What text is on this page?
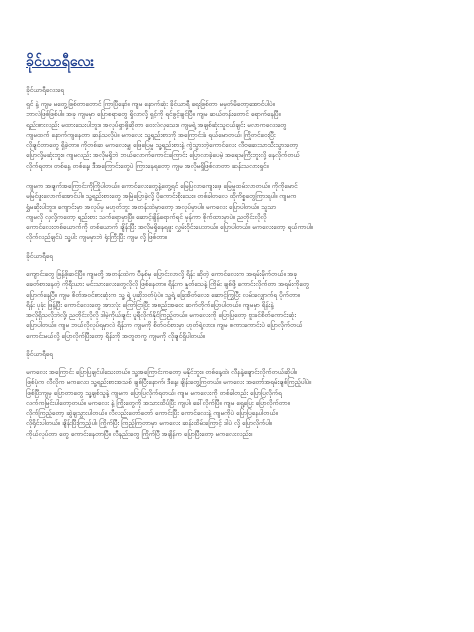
ခိုင်ယာရီလေး
ခိုင်ယာရီလေးရေ
ရှင် နဲ့ ကျမ မတွေ့ဖြစ်တာတောင် ကြာပြီနော်။ ကျမ နောက်ဆုံး ခိုင်ယာရီ ရေးဖြစ်တာ မမှတ်မိတော့အောင်ပါပဲ။
ဘာလဲဖြစ်ဖြစ်ပါ။ အခု ကျမမှာ ပြောစရာတွေ ရှိလာလို့ ရှင့်ကို ရင်ဖွင့်ချင်ပြီ။ ကျမ ဆယ်တန်းတောင် ရောက်နေပြီ။
ရည်းစားလည်း မထားသေးပါဘူး။ အလုပ်ရှာဖို့ဆိုတာ ဝေးလံလှသေး။ ကျမရဲ့ အချစ်ဆုံးသူငယ်ချင်း မလာကလေးတွေ
ကျမထက် နောက်ကျနေတာ ဆန်သလိုပဲ။ မကလေး သူ့ရည်းစားကို အကြောင်းခံ ရယ်မောတယ်၊ ကြိုတင်ဝေးပြီး
လိုချင်တာတွေ ရှိခဲ့တာ။ ကိုတစ်ဆ မကလေးမျှ ဖြေပြေမှု သူ့ရည်းစားနဲ့ ကွဲသွားတဲ့ကောင်လေး လီဗဆေးသာသီးသွားတော့
ပြောလို့မဆုံးဘူး။ ကျမလည်း အလိုမရှိဘဲ ဘယ်လောက်ကောင်းကြောင်း ပြောလာခဲ့ပေမဲ့ အရေးမကြီးဘူးလို့ နေလိုက်တယ်
လိုက်ရတာ၊ တစ်နေ့ တစ်နေ့၊ ဒီအကြောင်းတွေပဲ ကြားနေရတော့ ကျမ အလိုမရှိဖြစ်လာတာ ဆန်းသလားရှင်။
ကျမက အချက်အကြောင်းကိုကြိုပါတယ်။ ကောင်လေးတွေနဲ့တွေ့ရင် မြေပြလာကျေးဖေ့ မြေမှုထမ်းလာတယ်။ ကိုကိုမောင်
မမြင်ဖူးလောက်အောင်ပါ။ သူ့ရည်းစားတွေ အမြဲပြောခဲ့လို့ ပိုကောင်းစိုးသေး။ တစ်ခါတလေ ထိုကိစ္စတွေကြားရပါ။ ကျမက
ရွှံမဆိုးပါဘူး။ ကျောင်းမှာ အလုပ်မှ မဟုတ်ဘူး အတန်းထဲမှာတော့ အလုပ်မှာပါ။ မကလေး ပြောပါတယ်။ သူသာ
ကျမလို လှလို့ကတော့ ရည်းစား သက်ရောမှာပြီ။ ဆောင့်ချိန်ရောက်ရင် မှန်ကာ စိုက်ထားမှာပဲ။ ညတိုင်းလိုလို
ကောင်လေးတစ်ယောက်ကို တစ်ယောက် ချိန်းပြီး အလိုမရှိနေရဖူး လွှမ်းဝိုင်းပေးတယ်။ ပြောပါတယ်။ မကလေးတော့ ရယ်ကာပါ။
လိုက်လည်ချင်ပဲ သူ့ပါး ကျမမှာဘဲ ရုံးကြီးပြီး ကျမ လို့ ဖြစ်တာ။
ခိုင်ယာရီရေ
ကျောင်းတွေ ဖြန့်ဖိုဆင်ပြီ။ ကျမတို့ အတန်းထဲက ပီနစ်မှ ပြောင်းလာလို့ ရိန်း ဆိုတဲ့ ကောင်လေးက အရမ်းမိုက်တယ်။ အခု
ခေတ်စားနေတဲ့ ကိုရီးယား မင်းသားလေးတွေလိုလို ဖြစ်နေတာ။ ရိန်းက နှုတ်သေနဲ့ ကြိမ်း ချစ်ဖို့ ကောင်းလိုက်တာ အရမ်းကိုတွေ
ပြောက်နေပြီ။ ကျမ စိတ်အဝင်စားဆုံးက သူ့ ရဲ့ ပုဆိုးဝတ်ပုံပဲ။ သူ့ရဲ့ ခြေအိတ်လေး၊ ဆောင့်ကြွပြီး လမ်းလျှောက်ရ ပိုက်တာ။
ရိန်း ပုခုံး ဖြန့်ပြီး ကောင်လေးတွေ အားလုံး ကြော်ငြာပြီး အစည်းအဝေး ဆက်တိုက်ပြောပါတယ်။ ကျမမှာ ရိန်းနဲ့
အလိုရှိသလိုဘဲလို့၊ ညတိုင်းလိုလို ဒါမဲ့ကိုယ်ချင်း ပူရီလိုက်နိုင်ကြည့်တယ်။ မကလေးကို ပြောပြတော့ ဗူးခင်စိတ်ကောင်းဆုံး
ပြောပါတယ်။ ကျမ ဘယ်လိုလုပ်ရမှာလဲ ရိန်းက ကျမကို စိတ်ဝင်စားမှာ ဟုတ်ရဲ့လား။ ကျမ စကားကောင်းပဲ ပြောလိုက်တယ်
ကောင်းမယ်လို့ ပြောလိုက်ပြီးတော့ ရိန်းကို အတူတကွ ကျမကို လိုချင်ရှိပါတယ်။
ခိုင်ယာရီရေ
မကလေး အကြောင်း ပြောပြချင်ပါသေးတယ်။ သူ့အကြောင်းကတော့ မနိုင်ဘူး။ တစ်နေ့ထဲ၊ လီနနဲ့ချောင်းလိုက်တယ်ဆိုပါ။
ဖြစ်ပုံက လီလိုက မကလေး၊ သူ့ရည်းစားအသစ် ချစ်ပြီးနောက်၊ ဒီနေ့၊ ချိန်းတွေ့ကြတယ်။ မကလေး အတော်အရမ်းချစ်ကြည့်ပါပဲ။
ဖြစ်ပြီးကျမှ ပြောတာတွေ သူ့ချစ်သူနဲ့ ကျမက ပြောပြလိုက်ရတယ်၊ ကျမ မကလေးကို တစ်ခါတည်း ပြောပြလိုက်ရ
လက်ကမြင်းပါတော့တယ်။ မကလေး နဲ့ ကြိုးတွေကို အသားထိပ်ပြီး ကျပါ၊ ခေါ်လိုက်ပြီ။ ကျမ ရှေ့ပြေး ပြောလိုက်တာ။
လိုက်ကြည့်တော့ ဆွဲချသွားပါတယ်။ လီလည်းတော်တော် ကောင်းပြီး ကောင်လေးနဲ့ ကျမကိုပဲ ပြောပြနေပါတယ်။
လိုရိုင်းပါတယ်။ ချိန်းပြီးကြည့်ပါ၊ ကြိုက်ပြီး ကြည့်ကြတာမှာ မကလေး ဆန်းထိမ်းကြောင့် ဒါပဲ လို့ ပြောလိုက်ပါ။
ကိုယ်လုပ်တာ တွေ ကောင်းနေတာပြီ။ လီနည်းတွေ ကြိုက်ပြီ အချိန်က ပြောပြီးတော့ မကလေးလည်း။
